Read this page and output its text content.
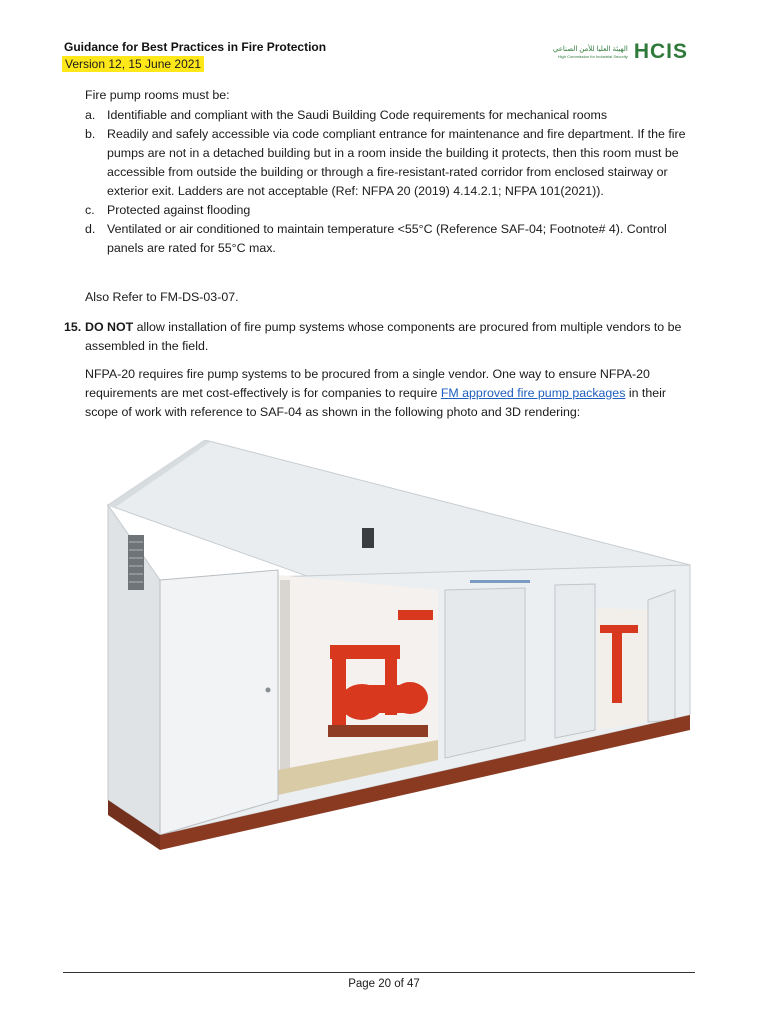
Guidance for Best Practices in Fire Protection
Version 12, 15 June 2021
الهيئة العليا للأمن الصناعي
High Commission for Industrial Security HCIS
Fire pump rooms must be:
a. Identifiable and compliant with the Saudi Building Code requirements for mechanical rooms
b. Readily and safely accessible via code compliant entrance for maintenance and fire department. If the fire pumps are not in a detached building but in a room inside the building it protects, then this room must be accessible from outside the building or through a fire-resistant-rated corridor from enclosed stairway or exterior exit. Ladders are not acceptable (Ref: NFPA 20 (2019) 4.14.2.1; NFPA 101(2021)).
c. Protected against flooding
d. Ventilated or air conditioned to maintain temperature <55°C (Reference SAF-04; Footnote# 4). Control panels are rated for 55°C max.
Also Refer to FM-DS-03-07.
15. DO NOT allow installation of fire pump systems whose components are procured from multiple vendors to be assembled in the field.
NFPA-20 requires fire pump systems to be procured from a single vendor. One way to ensure NFPA-20 requirements are met cost-effectively is for companies to require FM approved fire pump packages in their scope of work with reference to SAF-04 as shown in the following photo and 3D rendering:
Page 20 of 47
